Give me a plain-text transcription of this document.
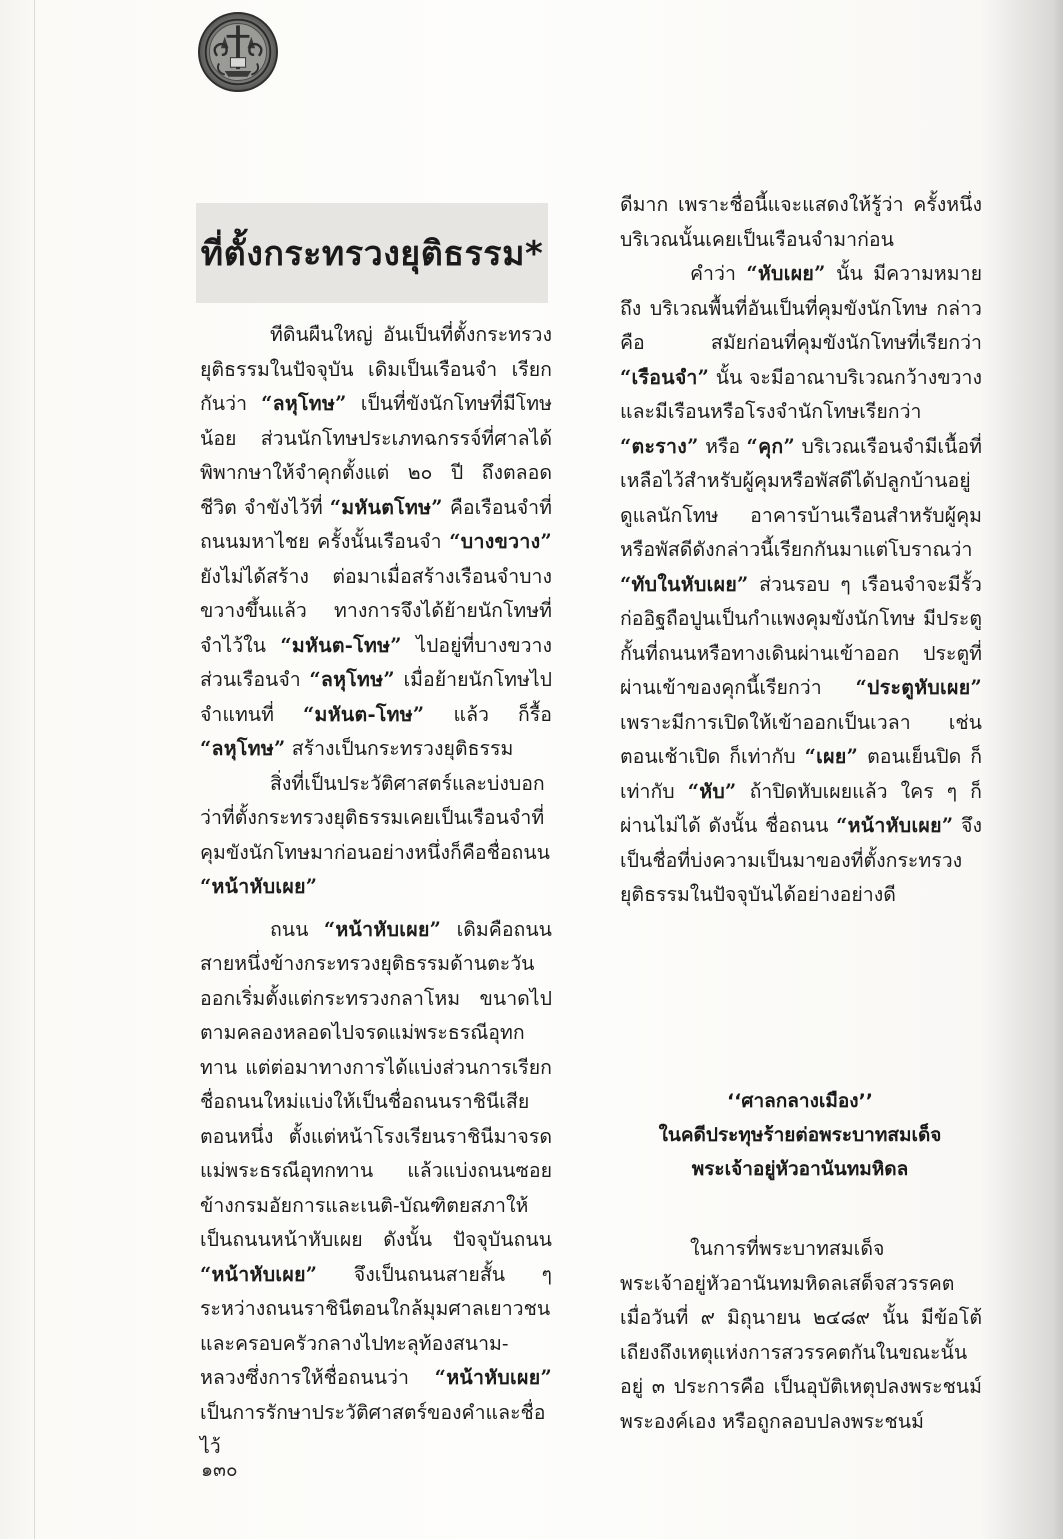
ที่ตั้งกระทรวงยุติธรรม*

ทีดินผืนใหญ่ อันเป็นที่ตั้งกระทรวงยุติธรรมในปัจจุบัน เดิมเป็นเรือนจำ เรียกกันว่า “ลหุโทษ” เป็นที่ขังนักโทษที่มีโทษน้อย ส่วนนักโทษประเภทฉกรรจ์ที่ศาลได้พิพากษาให้จำคุกตั้งแต่ ๒๐ ปี ถึงตลอดชีวิต จำขังไว้ที่ “มหันตโทษ” คือเรือนจำที่ถนนมหาไชย ครั้งนั้นเรือนจำ “บางขวาง” ยังไม่ได้สร้าง ต่อมาเมื่อสร้างเรือนจำบางขวางขึ้นแล้ว ทางการจึงได้ย้ายนักโทษที่จำไว้ใน “มหันต-โทษ” ไปอยู่ที่บางขวาง ส่วนเรือนจำ “ลหุโทษ” เมื่อย้ายนักโทษไปจำแทนที่ “มหันต-โทษ” แล้ว ก็รื้อ “ลหุโทษ” สร้างเป็นกระทรวงยุติธรรม

สิ่งที่เป็นประวัติศาสตร์และบ่งบอกว่าที่ตั้งกระทรวงยุติธรรมเคยเป็นเรือนจำที่คุมขังนักโทษมาก่อนอย่างหนึ่งก็คือชื่อถนน “หน้าหับเผย”

ถนน “หน้าหับเผย” เดิมคือถนนสายหนึ่งข้างกระทรวงยุติธรรมด้านตะวันออกเริ่มตั้งแต่กระทรวงกลาโหม ขนาดไปตามคลองหลอดไปจรดแม่พระธรณีอุทกทาน แต่ต่อมาทางการได้แบ่งส่วนการเรียกชื่อถนนใหม่แบ่งให้เป็นชื่อถนนราชินีเสียตอนหนึ่ง ตั้งแต่หน้าโรงเรียนราชินีมาจรดแม่พระธรณีอุทกทาน แล้วแบ่งถนนซอยข้างกรมอัยการและเนติ-บัณฑิตยสภาให้เป็นถนนหน้าหับเผย ดังนั้น ปัจจุบันถนน “หน้าหับเผย” จึงเป็นถนนสายสั้น ๆ ระหว่างถนนราชินีตอนใกล้มุมศาลเยาวชนและครอบครัวกลางไปทะลุท้องสนาม-หลวงซึ่งการให้ชื่อถนนว่า “หน้าหับเผย” เป็นการรักษาประวัติศาสตร์ของคำและชื่อไว้

ดีมาก เพราะชื่อนี้แจะแสดงให้รู้ว่า ครั้งหนึ่งบริเวณนั้นเคยเป็นเรือนจำมาก่อน

คำว่า “หับเผย” นั้น มีความหมายถึง บริเวณพื้นที่อันเป็นที่คุมขังนักโทษ กล่าวคือ สมัยก่อนที่คุมขังนักโทษที่เรียกว่า “เรือนจำ” นั้น จะมีอาณาบริเวณกว้างขวาง และมีเรือนหรือโรงจำนักโทษเรียกว่า “ตะราง” หรือ “คุก” บริเวณเรือนจำมีเนื้อที่เหลือไว้สำหรับผู้คุมหรือพัสดีได้ปลูกบ้านอยู่ดูแลนักโทษ อาคารบ้านเรือนสำหรับผู้คุมหรือพัสดีดังกล่าวนี้เรียกกันมาแต่โบราณว่า “ทับในหับเผย” ส่วนรอบ ๆ เรือนจำจะมีรั้วก่ออิฐถือปูนเป็นกำแพงคุมขังนักโทษ มีประตูกั้นที่ถนนหรือทางเดินผ่านเข้าออก ประตูที่ผ่านเข้าของคุกนี้เรียกว่า “ประตูหับเผย” เพราะมีการเปิดให้เข้าออกเป็นเวลา เช่น ตอนเช้าเปิด ก็เท่ากับ “เผย” ตอนเย็นปิด ก็เท่ากับ “หับ” ถ้าปิดหับเผยแล้ว ใคร ๆ ก็ผ่านไม่ได้ ดังนั้น ชื่อถนน “หน้าหับเผย” จึงเป็นชื่อที่บ่งความเป็นมาของที่ตั้งกระทรวงยุติธรรมในปัจจุบันได้อย่างอย่างดี

‘‘ศาลกลางเมือง’’
ในคดีประทุษร้ายต่อพระบาทสมเด็จ
พระเจ้าอยู่หัวอานันทมหิดล

ในการที่พระบาทสมเด็จพระเจ้าอยู่หัวอานันทมหิดลเสด็จสวรรคตเมื่อวันที่ ๙ มิถุนายน ๒๔๘๙ นั้น มีข้อโต้เถียงถึงเหตุแห่งการสวรรคตกันในขณะนั้นอยู่ ๓ ประการคือ เป็นอุบัติเหตุปลงพระชนม์พระองค์เอง หรือถูกลอบปลงพระชนม์

๑๓๐
